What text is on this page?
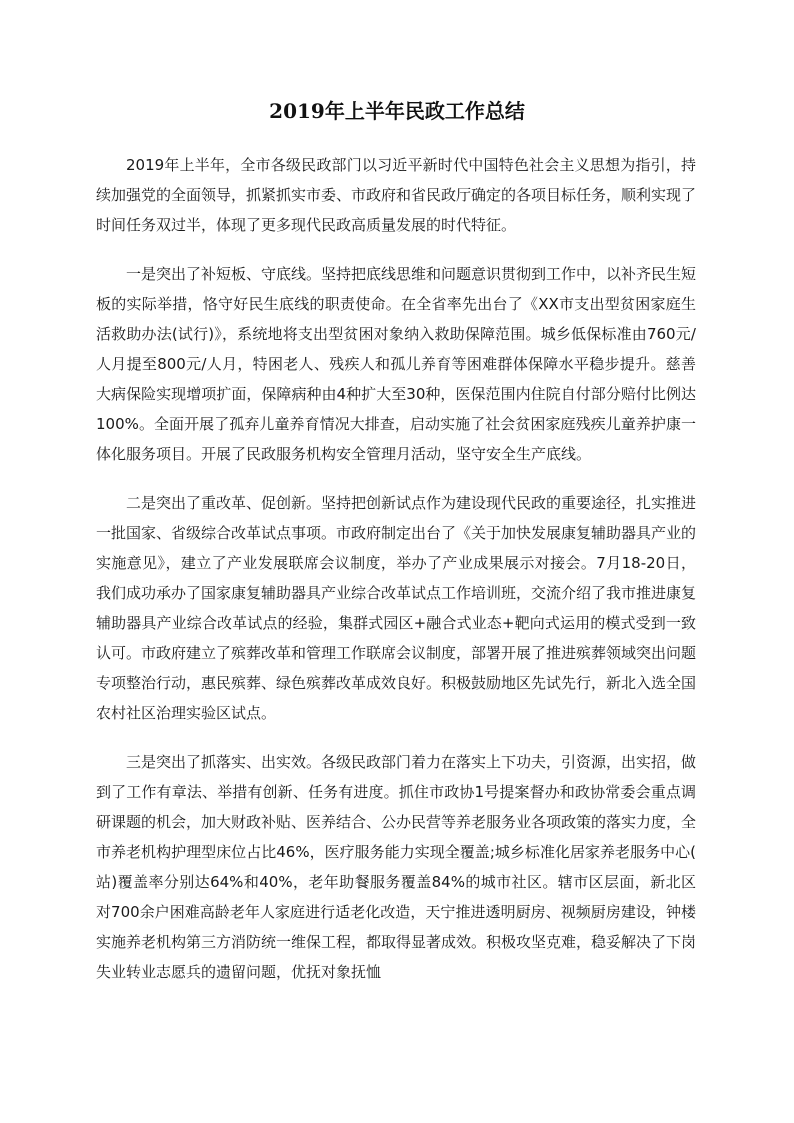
2019年上半年民政工作总结

2019年上半年，全市各级民政部门以习近平新时代中国特色社会主义思想为指引，持续加强党的全面领导，抓紧抓实市委、市政府和省民政厅确定的各项目标任务，顺利实现了时间任务双过半，体现了更多现代民政高质量发展的时代特征。

一是突出了补短板、守底线。坚持把底线思维和问题意识贯彻到工作中，以补齐民生短板的实际举措，恪守好民生底线的职责使命。在全省率先出台了《XX市支出型贫困家庭生活救助办法(试行)》，系统地将支出型贫困对象纳入救助保障范围。城乡低保标准由760元/人月提至800元/人月，特困老人、残疾人和孤儿养育等困难群体保障水平稳步提升。慈善大病保险实现增项扩面，保障病种由4种扩大至30种，医保范围内住院自付部分赔付比例达100%。全面开展了孤弃儿童养育情况大排查，启动实施了社会贫困家庭残疾儿童养护康一体化服务项目。开展了民政服务机构安全管理月活动，坚守安全生产底线。

二是突出了重改革、促创新。坚持把创新试点作为建设现代民政的重要途径，扎实推进一批国家、省级综合改革试点事项。市政府制定出台了《关于加快发展康复辅助器具产业的实施意见》，建立了产业发展联席会议制度，举办了产业成果展示对接会。7月18-20日，我们成功承办了国家康复辅助器具产业综合改革试点工作培训班，交流介绍了我市推进康复辅助器具产业综合改革试点的经验，集群式园区+融合式业态+靶向式运用的模式受到一致认可。市政府建立了殡葬改革和管理工作联席会议制度，部署开展了推进殡葬领域突出问题专项整治行动，惠民殡葬、绿色殡葬改革成效良好。积极鼓励地区先试先行，新北入选全国农村社区治理实验区试点。

三是突出了抓落实、出实效。各级民政部门着力在落实上下功夫，引资源，出实招，做到了工作有章法、举措有创新、任务有进度。抓住市政协1号提案督办和政协常委会重点调研课题的机会，加大财政补贴、医养结合、公办民营等养老服务业各项政策的落实力度，全市养老机构护理型床位占比46%，医疗服务能力实现全覆盖;城乡标准化居家养老服务中心(站)覆盖率分别达64%和40%，老年助餐服务覆盖84%的城市社区。辖市区层面，新北区对700余户困难高龄老年人家庭进行适老化改造，天宁推进透明厨房、视频厨房建设，钟楼实施养老机构第三方消防统一维保工程，都取得显著成效。积极攻坚克难，稳妥解决了下岗失业转业志愿兵的遗留问题，优抚对象抚恤
